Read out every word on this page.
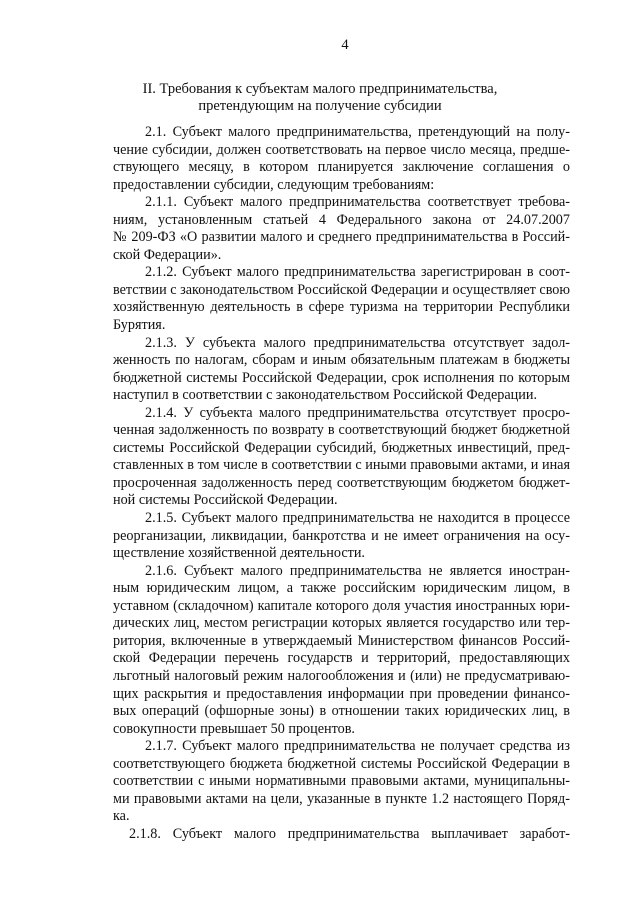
4
II. Требования к субъектам малого предпринимательства,
претендующим на получение субсидии
2.1. Субъект малого предпринимательства, претендующий на полу-
чение субсидии, должен соответствовать на первое число месяца, предше-
ствующего месяцу, в котором планируется заключение соглашения о
предоставлении субсидии, следующим требованиям:
2.1.1. Субъект малого предпринимательства соответствует требова-
ниям, установленным статьей 4 Федерального закона от 24.07.2007
№ 209-ФЗ «О развитии малого и среднего предпринимательства в Россий-
ской Федерации».
2.1.2. Субъект малого предпринимательства зарегистрирован в соот-
ветствии с законодательством Российской Федерации и осуществляет свою
хозяйственную деятельность в сфере туризма на территории Республики
Бурятия.
2.1.3. У субъекта малого предпринимательства отсутствует задол-
женность по налогам, сборам и иным обязательным платежам в бюджеты
бюджетной системы Российской Федерации, срок исполнения по которым
наступил в соответствии с законодательством Российской Федерации.
2.1.4. У субъекта малого предпринимательства отсутствует просро-
ченная задолженность по возврату в соответствующий бюджет бюджетной
системы Российской Федерации субсидий, бюджетных инвестиций, пред-
ставленных в том числе в соответствии с иными правовыми актами, и иная
просроченная задолженность перед соответствующим бюджетом бюджет-
ной системы Российской Федерации.
2.1.5. Субъект малого предпринимательства не находится в процессе
реорганизации, ликвидации, банкротства и не имеет ограничения на осу-
ществление хозяйственной деятельности.
2.1.6. Субъект малого предпринимательства не является иностран-
ным юридическим лицом, а также российским юридическим лицом, в
уставном (складочном) капитале которого доля участия иностранных юри-
дических лиц, местом регистрации которых является государство или тер-
ритория, включенные в утверждаемый Министерством финансов Россий-
ской Федерации перечень государств и территорий, предоставляющих
льготный налоговый режим налогообложения и (или) не предусматриваю-
щих раскрытия и предоставления информации при проведении финансо-
вых операций (офшорные зоны) в отношении таких юридических лиц, в
совокупности превышает 50 процентов.
2.1.7. Субъект малого предпринимательства не получает средства из
соответствующего бюджета бюджетной системы Российской Федерации в
соответствии с иными нормативными правовыми актами, муниципальны-
ми правовыми актами на цели, указанные в пункте 1.2 настоящего Поряд-
ка.
2.1.8. Субъект малого предпринимательства выплачивает заработ-
